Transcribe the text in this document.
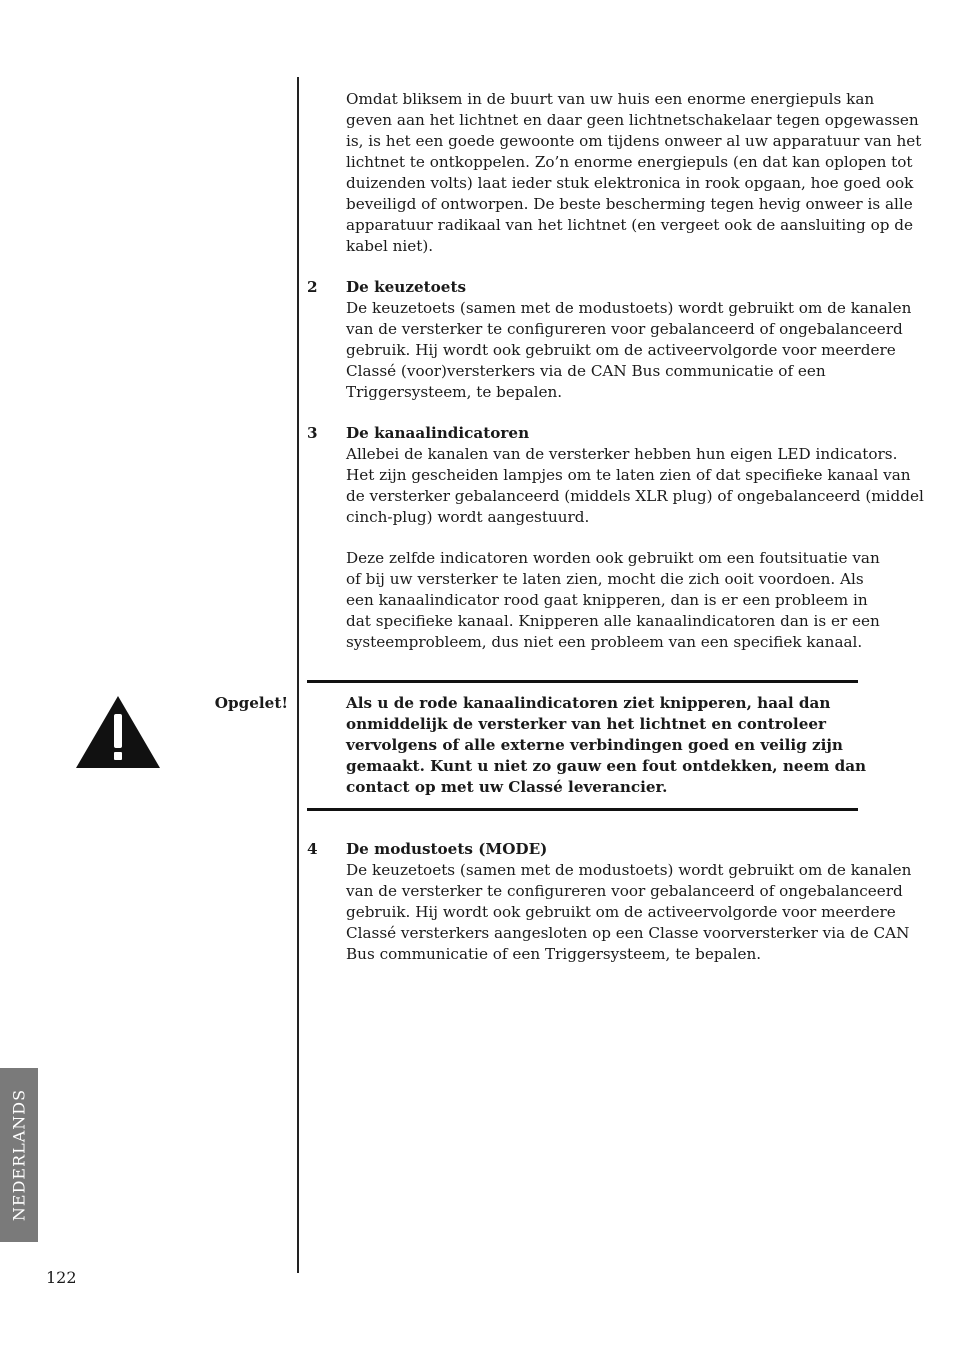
Omdat bliksem in de buurt van uw huis een enorme energiepuls kan
geven aan het lichtnet en daar geen lichtnetschakelaar tegen opgewassen
is, is het een goede gewoonte om tijdens onweer al uw apparatuur van het
lichtnet te ontkoppelen. Zo’n enorme energiepuls (en dat kan oplopen tot
duizenden volts) laat ieder stuk elektronica in rook opgaan, hoe goed ook
beveiligd of ontworpen. De beste bescherming tegen hevig onweer is alle
apparatuur radikaal van het lichtnet (en vergeet ook de aansluiting op de
kabel niet).

2 De keuzetoets

De keuzetoets (samen met de modustoets) wordt gebruikt om de kanalen
van de versterker te configureren voor gebalanceerd of ongebalanceerd
gebruik. Hij wordt ook gebruikt om de activeervolgorde voor meerdere
Classé (voor)versterkers via de CAN Bus communicatie of een
Triggersysteem, te bepalen.

3 De kanaalindicatoren

Allebei de kanalen van de versterker hebben hun eigen LED indicators.
Het zijn gescheiden lampjes om te laten zien of dat specifieke kanaal van
de versterker gebalanceerd (middels XLR plug) of ongebalanceerd (middel
cinch-plug) wordt aangestuurd.

Deze zelfde indicatoren worden ook gebruikt om een foutsituatie van
of bij uw versterker te laten zien, mocht die zich ooit voordoen. Als
een kanaalindicator rood gaat knipperen, dan is er een probleem in
dat specifieke kanaal. Knipperen alle kanaalindicatoren dan is er een
systeemprobleem, dus niet een probleem van een specifiek kanaal.

Opgelet!	Als u de rode kanaalindicatoren ziet knipperen, haal dan
onmiddelijk de versterker van het lichtnet en controleer
vervolgens of alle externe verbindingen goed en veilig zijn
gemaakt. Kunt u niet zo gauw een fout ontdekken, neem dan
contact op met uw Classé leverancier.
4 De modustoets (MODE)

De keuzetoets (samen met de modustoets) wordt gebruikt om de kanalen
van de versterker te configureren voor gebalanceerd of ongebalanceerd
gebruik. Hij wordt ook gebruikt om de activeervolgorde voor meerdere
Classé versterkers aangesloten op een Classe voorversterker via de CAN
Bus communicatie of een Triggersysteem, te bepalen.

NEDERLANDS
122
